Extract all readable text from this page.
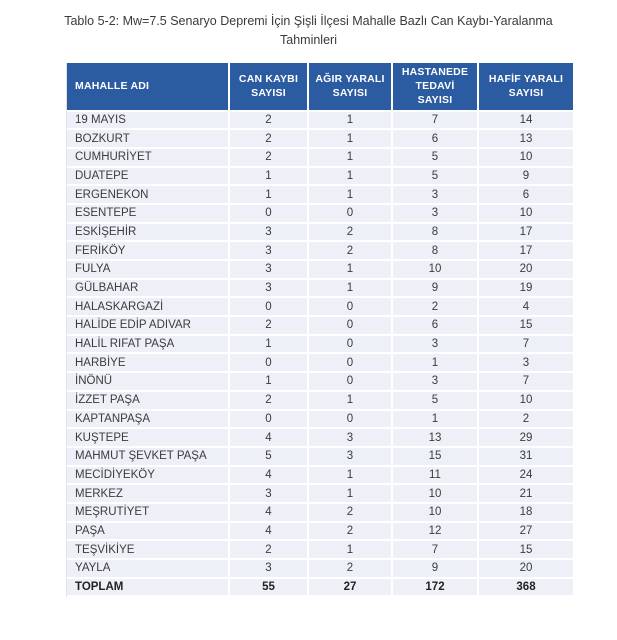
Tablo 5-2: Mw=7.5 Senaryo Depremi İçin Şişli İlçesi Mahalle Bazlı Can Kaybı-Yaralanma
Tahminleri
MAHALLE ADI	CAN KAYBI SAYISI	AĞIR YARALI SAYISI	HASTANEDE TEDAVİ SAYISI	HAFİF YARALI SAYISI
19 MAYIS	2	1	7	14
BOZKURT	2	1	6	13
CUMHURİYET	2	1	5	10
DUATEPE	1	1	5	9
ERGENEKON	1	1	3	6
ESENTEPE	0	0	3	10
ESKİŞEHİR	3	2	8	17
FERİKÖY	3	2	8	17
FULYA	3	1	10	20
GÜLBAHAR	3	1	9	19
HALASKARGAZİ	0	0	2	4
HALİDE EDİP ADIVAR	2	0	6	15
HALİL RIFAT PAŞA	1	0	3	7
HARBİYE	0	0	1	3
İNÖNÜ	1	0	3	7
İZZET PAŞA	2	1	5	10
KAPTANPAŞA	0	0	1	2
KUŞTEPE	4	3	13	29
MAHMUT ŞEVKET PAŞA	5	3	15	31
MECİDİYEKÖY	4	1	11	24
MERKEZ	3	1	10	21
MEŞRUTİYET	4	2	10	18
PAŞA	4	2	12	27
TEŞVİKİYE	2	1	7	15
YAYLA	3	2	9	20
TOPLAM	55	27	172	368
